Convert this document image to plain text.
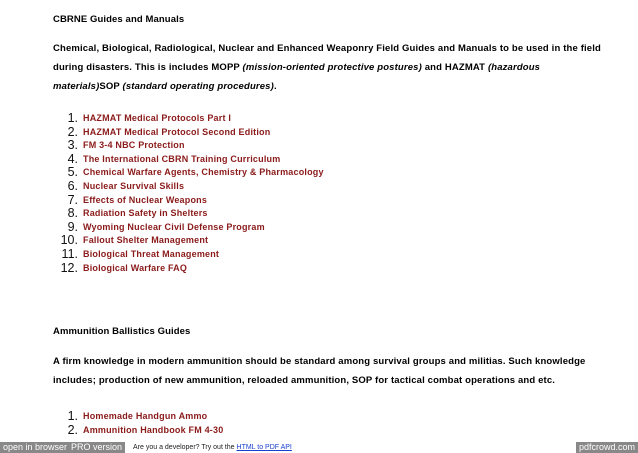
CBRNE Guides and Manuals
Chemical, Biological, Radiological, Nuclear and Enhanced Weaponry Field Guides and Manuals to be used in the field during disasters. This is includes MOPP (mission-oriented protective postures) and HAZMAT (hazardous materials)SOP (standard operating procedures).
1. HAZMAT Medical Protocols Part I
2. HAZMAT Medical Protocol Second Edition
3. FM 3-4 NBC Protection
4. The International CBRN Training Curriculum
5. Chemical Warfare Agents, Chemistry & Pharmacology
6. Nuclear Survival Skills
7. Effects of Nuclear Weapons
8. Radiation Safety in Shelters
9. Wyoming Nuclear Civil Defense Program
10. Fallout Shelter Management
11. Biological Threat Management
12. Biological Warfare FAQ
Ammunition Ballistics Guides
A firm knowledge in modern ammunition should be standard among survival groups and militias. Such knowledge includes; production of new ammunition, reloaded ammunition, SOP for tactical combat operations and etc.
1. Homemade Handgun Ammo
2. Ammunition Handbook FM 4-30
open in browser PRO version	Are you a developer? Try out the HTML to PDF API	pdfcrowd.com
